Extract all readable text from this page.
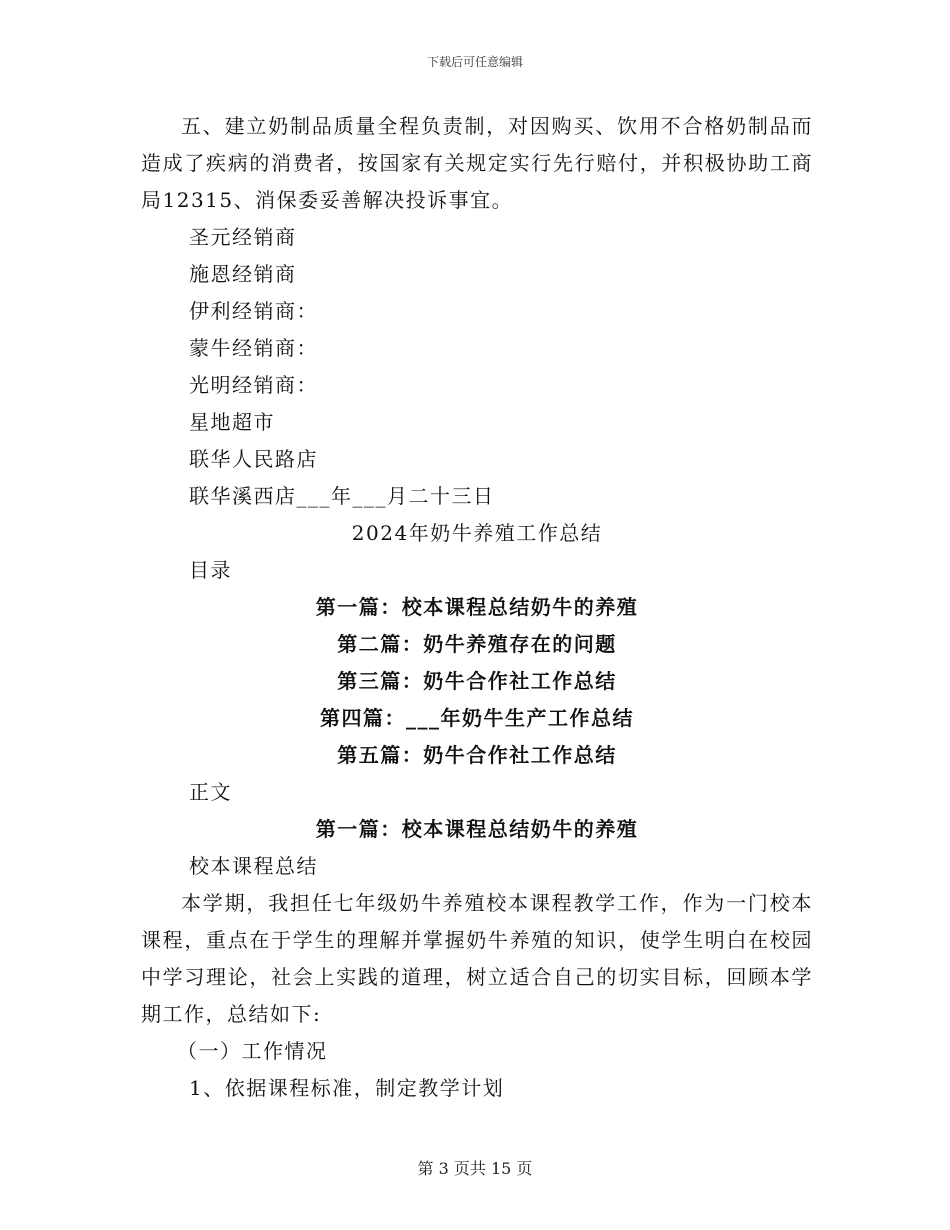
下载后可任意编辑

五、建立奶制品质量全程负责制，对因购买、饮用不合格奶制品而造成了疾病的消费者，按国家有关规定实行先行赔付，并积极协助工商局12315、消保委妥善解决投诉事宜。

圣元经销商

施恩经销商

伊利经销商：

蒙牛经销商：

光明经销商：

星地超市

联华人民路店

联华溪西店___年___月二十三日

2024年奶牛养殖工作总结

目录

第一篇：校本课程总结奶牛的养殖

第二篇：奶牛养殖存在的问题

第三篇：奶牛合作社工作总结

第四篇：___年奶牛生产工作总结

第五篇：奶牛合作社工作总结

正文

第一篇：校本课程总结奶牛的养殖

校本课程总结

本学期，我担任七年级奶牛养殖校本课程教学工作，作为一门校本课程，重点在于学生的理解并掌握奶牛养殖的知识，使学生明白在校园中学习理论，社会上实践的道理，树立适合自己的切实目标，回顾本学期工作，总结如下:

（一）工作情况

1、依据课程标准，制定教学计划

第 3 页共 15 页
